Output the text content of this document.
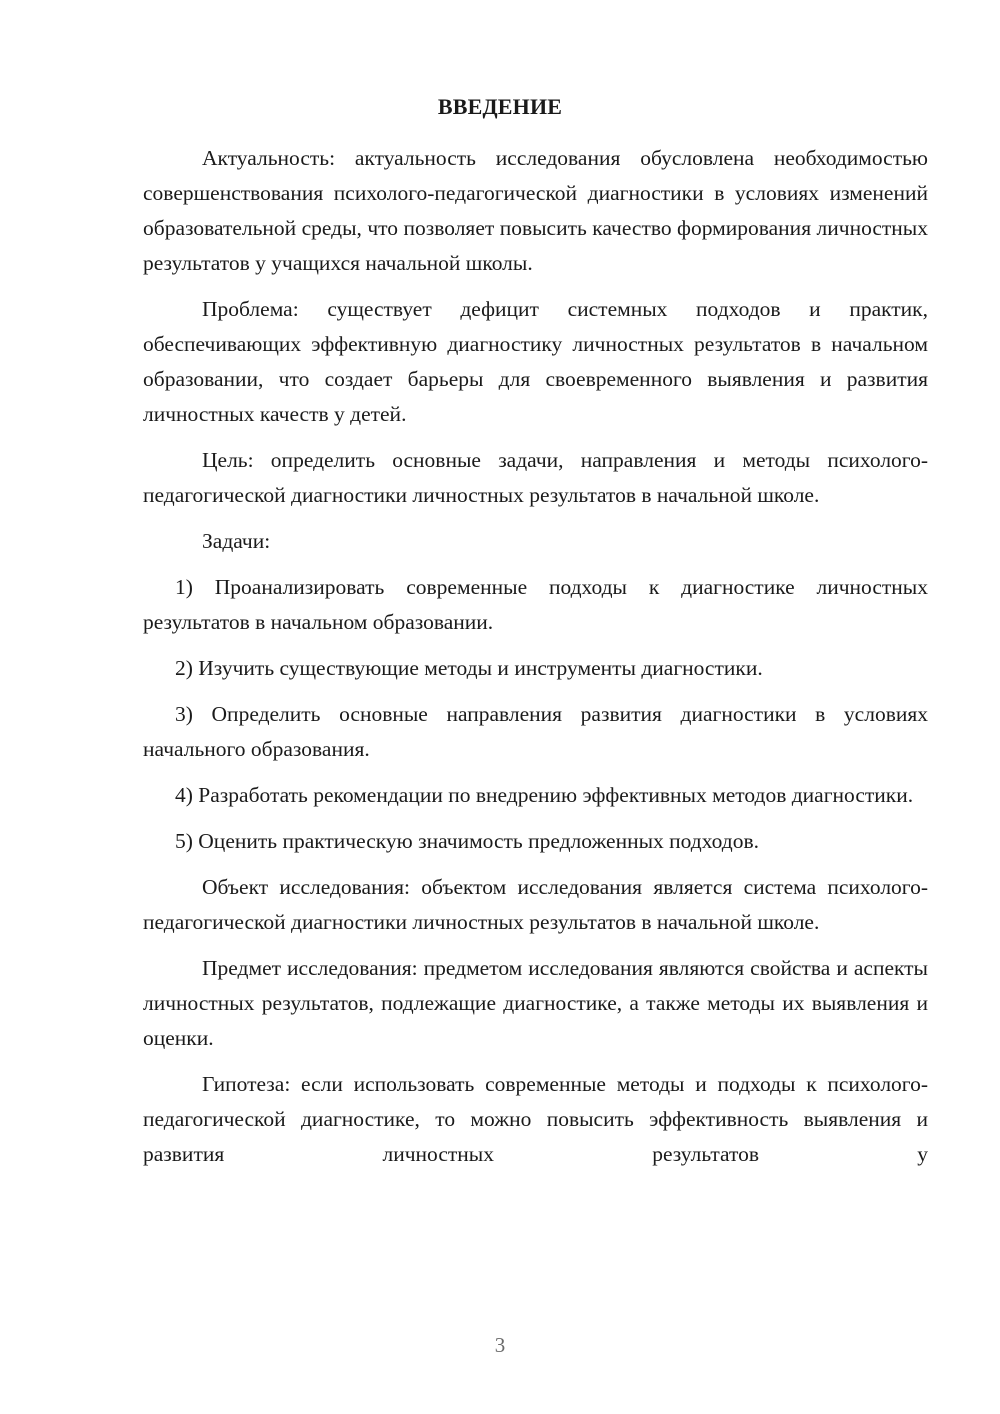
ВВЕДЕНИЕ

Актуальность: актуальность исследования обусловлена необходимостью совершенствования психолого-педагогической диагностики в условиях изменений образовательной среды, что позволяет повысить качество формирования личностных результатов у учащихся начальной школы.

Проблема: существует дефицит системных подходов и практик, обеспечивающих эффективную диагностику личностных результатов в начальном образовании, что создает барьеры для своевременного выявления и развития личностных качеств у детей.

Цель: определить основные задачи, направления и методы психолого-педагогической диагностики личностных результатов в начальной школе.

Задачи:

1) Проанализировать современные подходы к диагностике личностных результатов в начальном образовании.

2) Изучить существующие методы и инструменты диагностики.

3) Определить основные направления развития диагностики в условиях начального образования.

4) Разработать рекомендации по внедрению эффективных методов диагностики.

5) Оценить практическую значимость предложенных подходов.

Объект исследования: объектом исследования является система психолого-педагогической диагностики личностных результатов в начальной школе.

Предмет исследования: предметом исследования являются свойства и аспекты личностных результатов, подлежащие диагностике, а также методы их выявления и оценки.

Гипотеза: если использовать современные методы и подходы к психолого-педагогической диагностике, то можно повысить эффективность выявления и развития личностных результатов у

3
